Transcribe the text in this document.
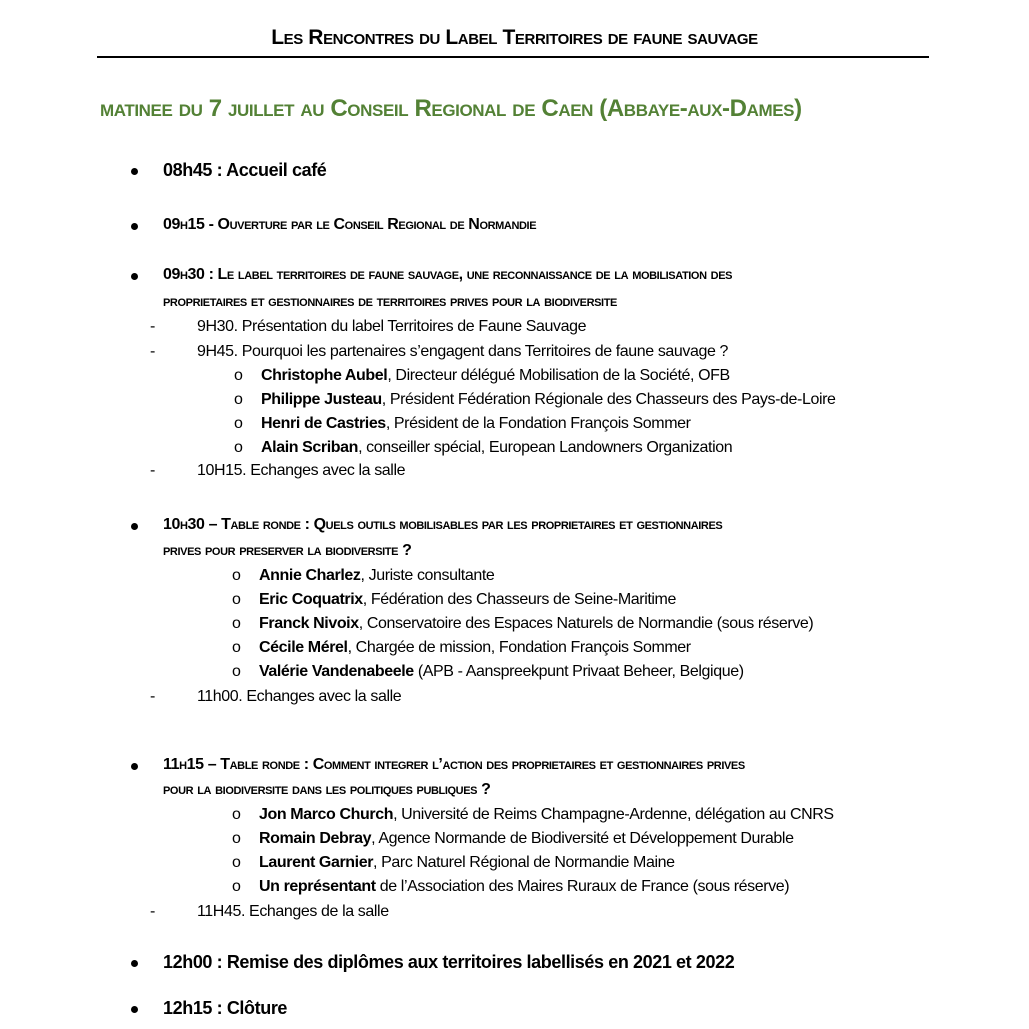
Les Rencontres du Label Territoires de faune sauvage
matinee du 7 juillet au Conseil Regional de Caen (Abbaye-aux-Dames)
08h45 : Accueil café
09h15 - Ouverture par le Conseil Regional de Normandie
09h30 : Le label territoires de faune sauvage, une reconnaissance de la mobilisation des
proprietaires et gestionnaires de territoires prives pour la biodiversite
-	9H30. Présentation du label Territoires de Faune Sauvage
-	9H45. Pourquoi les partenaires s’engagent dans Territoires de faune sauvage ?
o Christophe Aubel, Directeur délégué Mobilisation de la Société, OFB
o Philippe Justeau, Président Fédération Régionale des Chasseurs des Pays-de-Loire
o Henri de Castries, Président de la Fondation François Sommer
o Alain Scriban, conseiller spécial, European Landowners Organization
-	10H15. Echanges avec la salle
10h30 – Table ronde : Quels outils mobilisables par les proprietaires et gestionnaires
prives pour preserver la biodiversite ?
o Annie Charlez, Juriste consultante
o Eric Coquatrix, Fédération des Chasseurs de Seine-Maritime
o Franck Nivoix, Conservatoire des Espaces Naturels de Normandie (sous réserve)
o Cécile Mérel, Chargée de mission, Fondation François Sommer
o Valérie Vandenabeele (APB - Aanspreekpunt Privaat Beheer, Belgique)
-	11h00. Echanges avec la salle
11h15 – Table ronde : Comment integrer l’action des proprietaires et gestionnaires prives
pour la biodiversite dans les politiques publiques ?
o Jon Marco Church, Université de Reims Champagne-Ardenne, délégation au CNRS
o Romain Debray, Agence Normande de Biodiversité et Développement Durable
o Laurent Garnier, Parc Naturel Régional de Normandie Maine
o Un représentant de l’Association des Maires Ruraux de France (sous réserve)
-	11H45. Echanges de la salle
12h00 : Remise des diplômes aux territoires labellisés en 2021 et 2022
12h15 : Clôture
